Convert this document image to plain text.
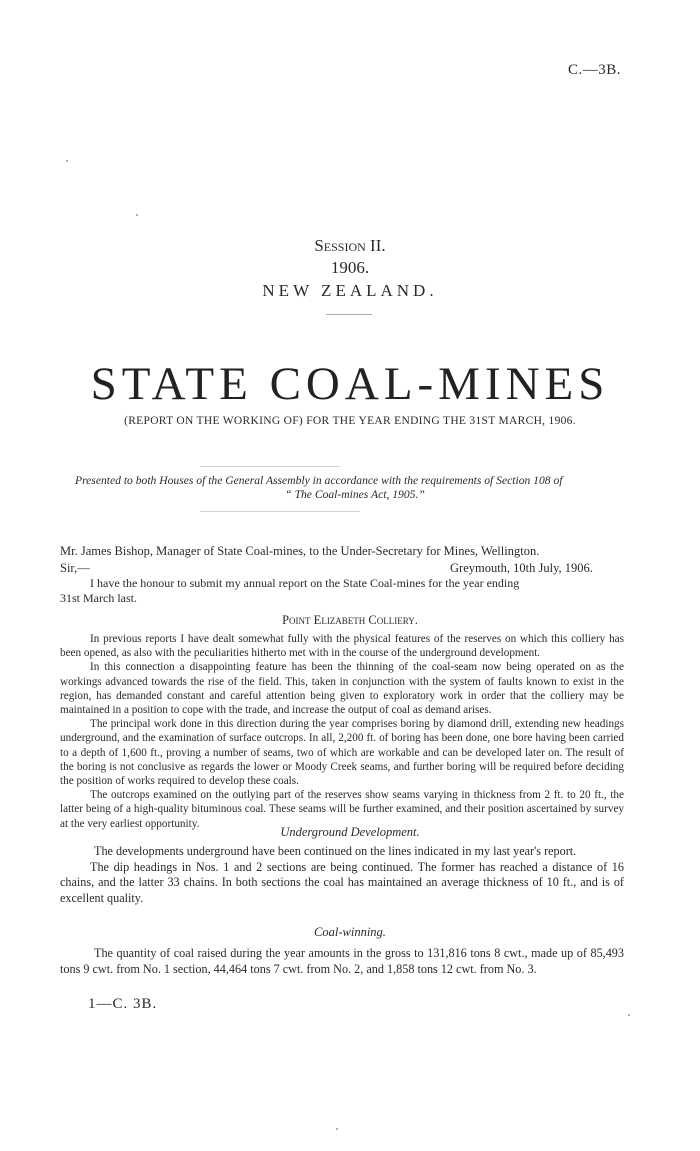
C.—3B.
Session II.
1906.
NEW ZEALAND.
STATE COAL-MINES
(REPORT ON THE WORKING OF) FOR THE YEAR ENDING THE 31ST MARCH, 1906.
Presented to both Houses of the General Assembly in accordance with the requirements of Section 108 of
“ The Coal-mines Act, 1905.”
Mr. James Bishop, Manager of State Coal-mines, to the Under-Secretary for Mines, Wellington.
Sir,—	Greymouth, 10th July, 1906.
I have the honour to submit my annual report on the State Coal-mines for the year ending
31st March last.
Point Elizabeth Colliery.

In previous reports I have dealt somewhat fully with the physical features of the reserves on which this colliery has been opened, as also with the peculiarities hitherto met with in the course of the underground development.

In this connection a disappointing feature has been the thinning of the coal-seam now being operated on as the workings advanced towards the rise of the field. This, taken in conjunction with the system of faults known to exist in the region, has demanded constant and careful attention being given to exploratory work in order that the colliery may be maintained in a position to cope with the trade, and increase the output of coal as demand arises.

The principal work done in this direction during the year comprises boring by diamond drill, extending new headings underground, and the examination of surface outcrops. In all, 2,200 ft. of boring has been done, one bore having been carried to a depth of 1,600 ft., proving a number of seams, two of which are workable and can be developed later on. The result of the boring is not conclusive as regards the lower or Moody Creek seams, and further boring will be required before deciding the position of works required to develop these coals.

The outcrops examined on the outlying part of the reserves show seams varying in thickness from 2 ft. to 20 ft., the latter being of a high-quality bituminous coal. These seams will be further examined, and their position ascertained by survey at the very earliest opportunity.

Underground Development.

The developments underground have been continued on the lines indicated in my last year's report.

The dip headings in Nos. 1 and 2 sections are being continued. The former has reached a distance of 16 chains, and the latter 33 chains. In both sections the coal has maintained an average thickness of 10 ft., and is of excellent quality.

Coal-winning.

The quantity of coal raised during the year amounts in the gross to 131,816 tons 8 cwt., made up of 85,493 tons 9 cwt. from No. 1 section, 44,464 tons 7 cwt. from No. 2, and 1,858 tons 12 cwt. from No. 3.

1—C. 3B.
